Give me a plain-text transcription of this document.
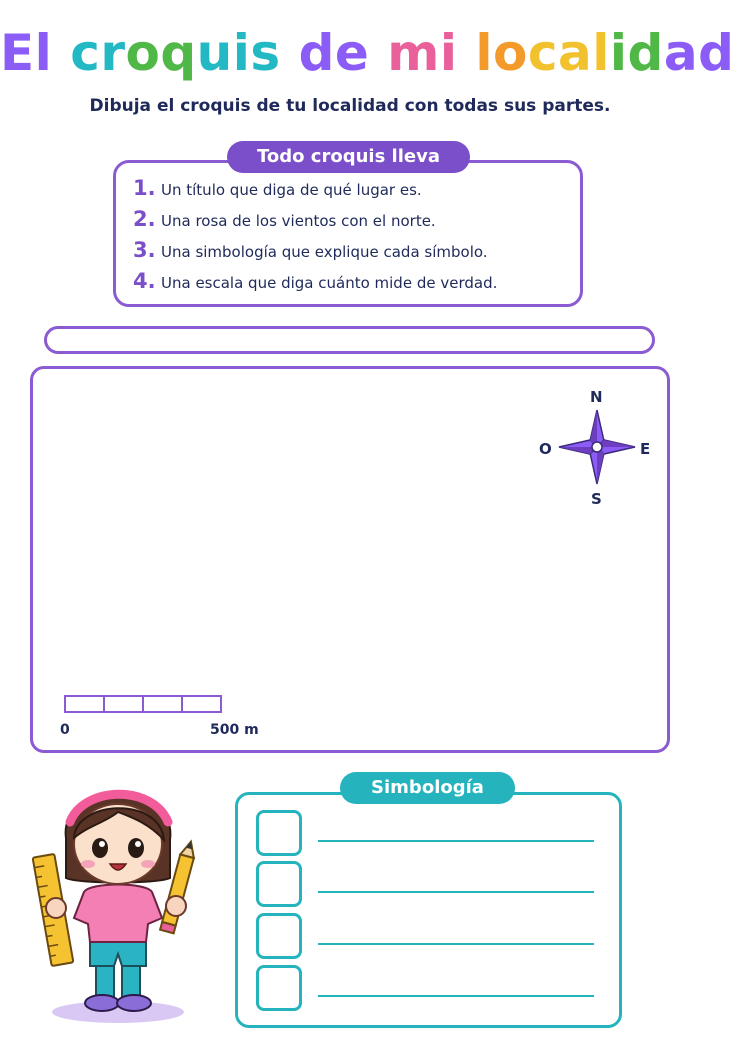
El croquis de mi localidad
Dibuja el croquis de tu localidad con todas sus partes.
Todo croquis lleva
1. Un título que diga de qué lugar es.
2. Una rosa de los vientos con el norte.
3. Una simbología que explique cada símbolo.
4. Una escala que diga cuánto mide de verdad.
N
O	E
S
0	500 m
Simbología
